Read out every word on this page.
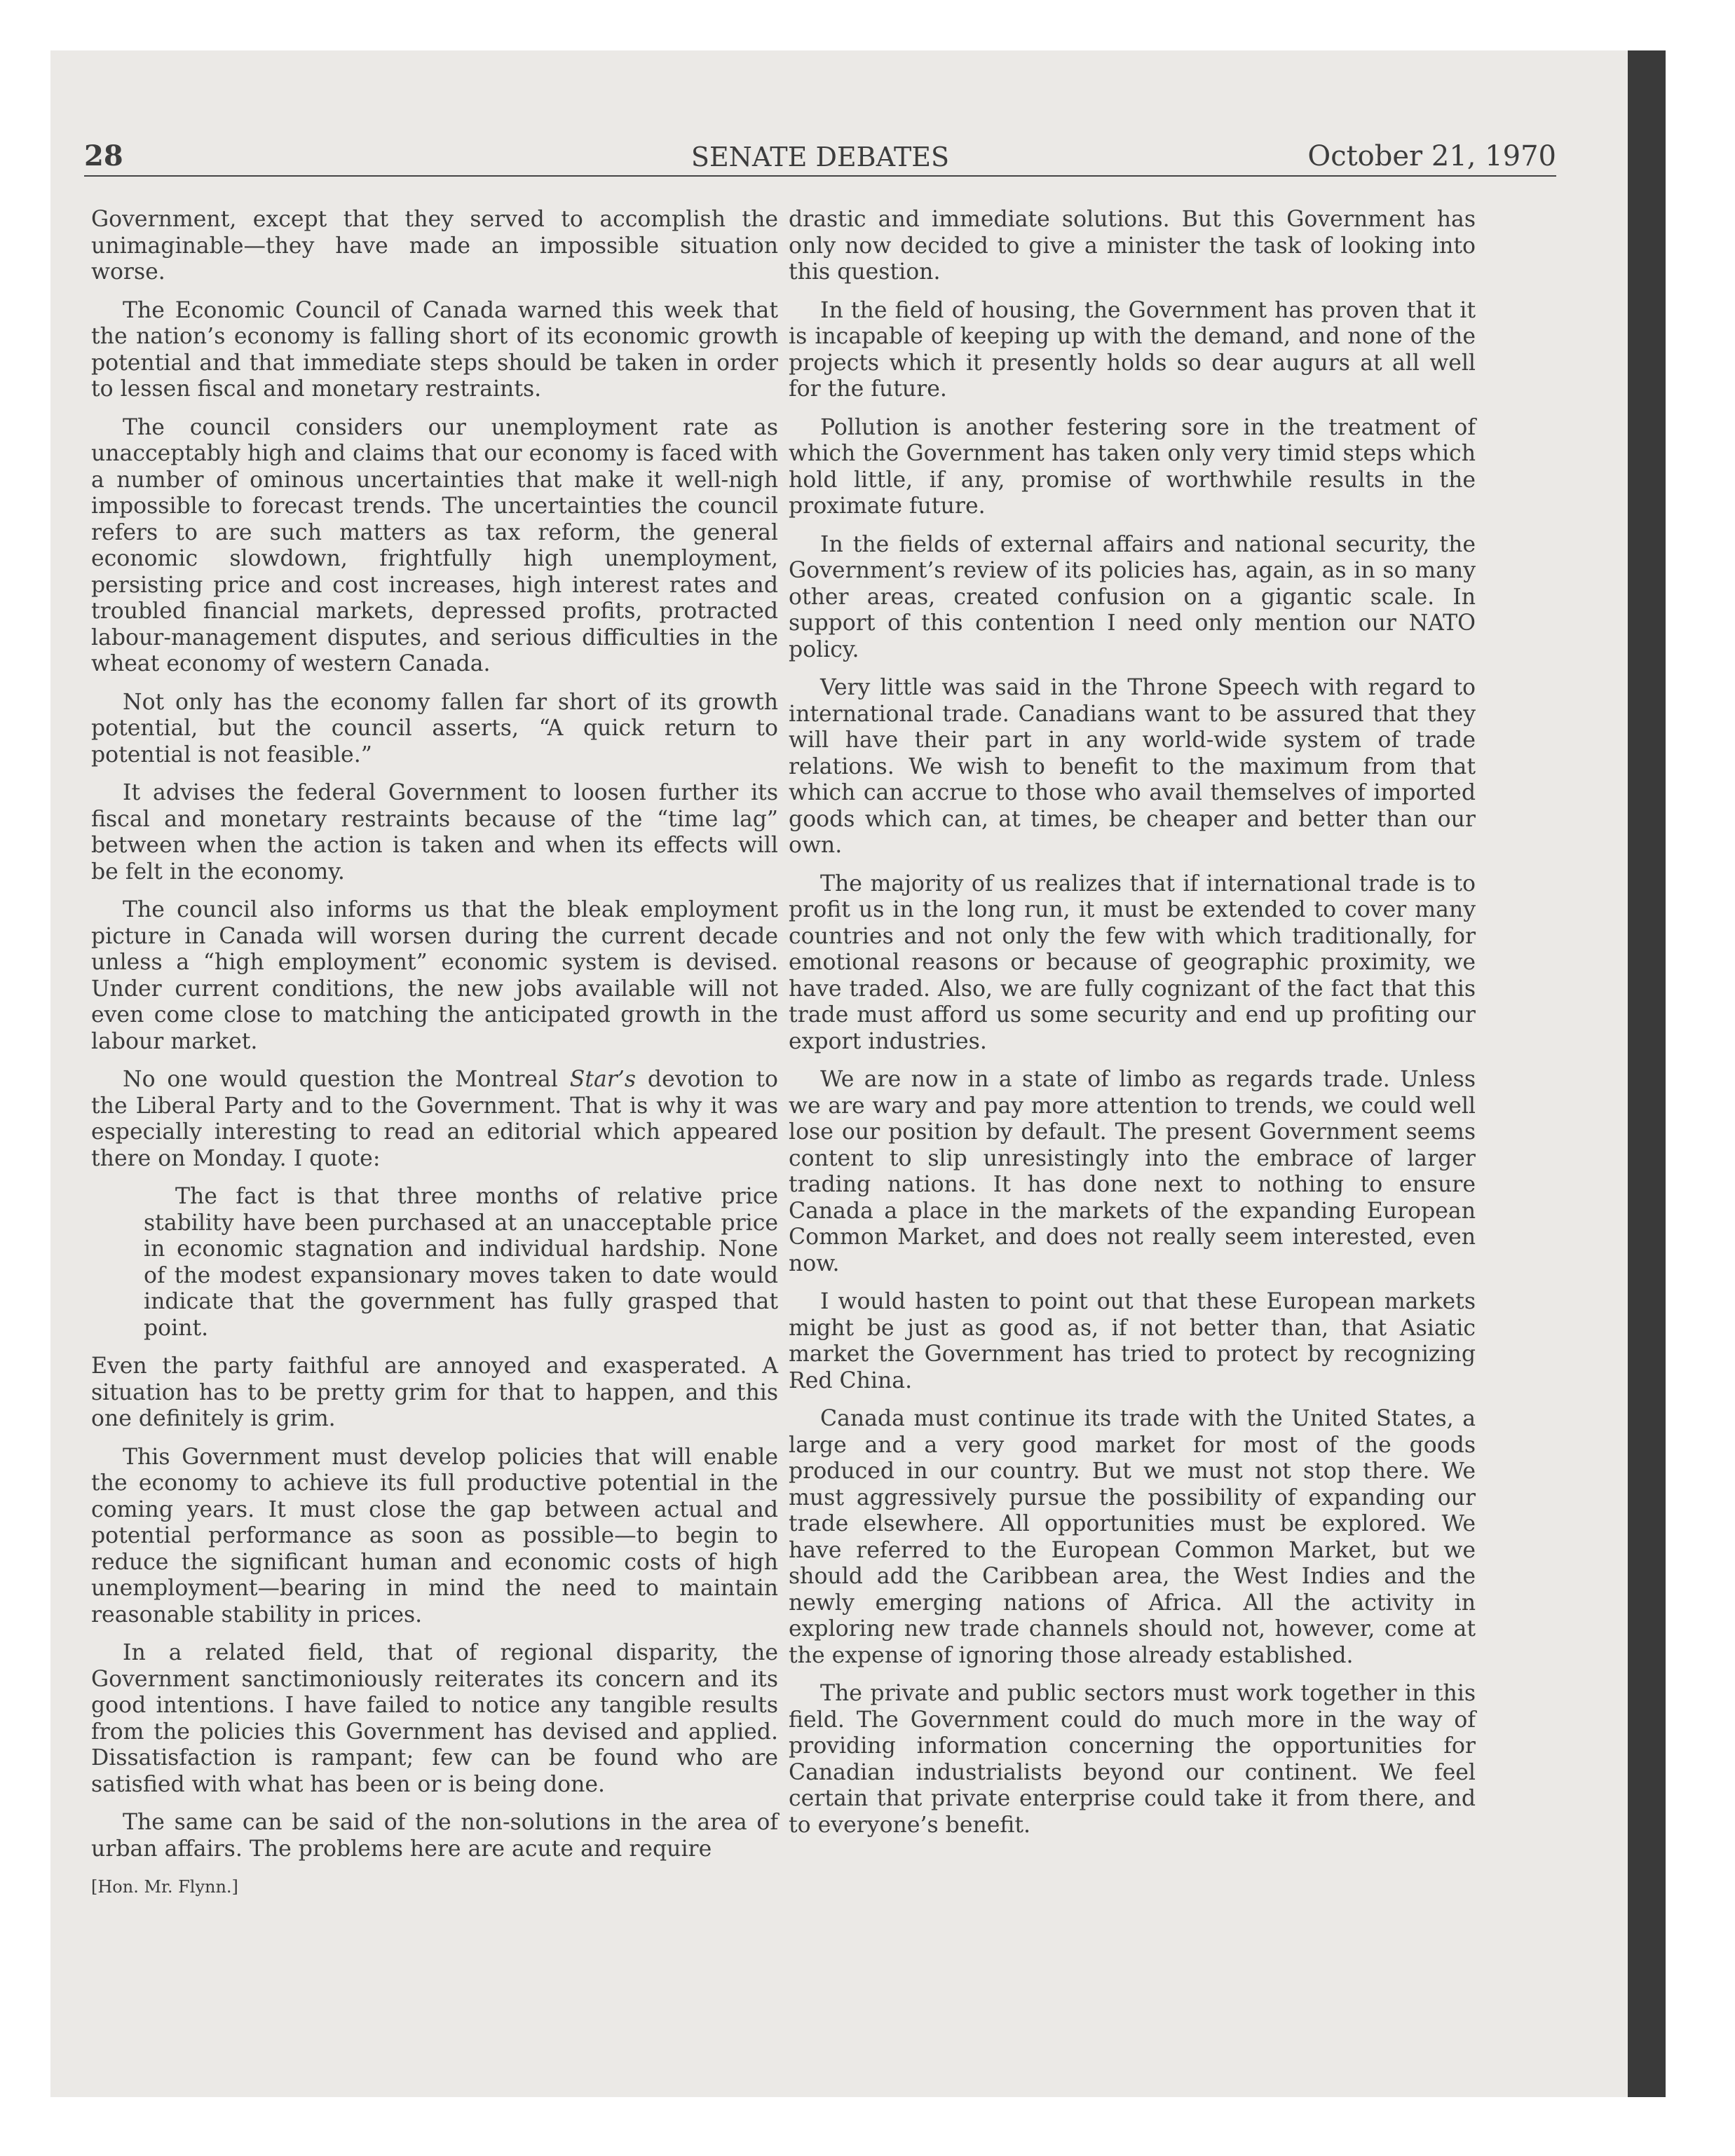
28	SENATE DEBATES	October 21, 1970

Government, except that they served to accomplish the unimaginable—they have made an impossible situation worse.

The Economic Council of Canada warned this week that the nation’s economy is falling short of its economic growth potential and that immediate steps should be taken in order to lessen fiscal and monetary restraints.

The council considers our unemployment rate as unacceptably high and claims that our economy is faced with a number of ominous uncertainties that make it well-nigh impossible to forecast trends. The uncertainties the council refers to are such matters as tax reform, the general economic slowdown, frightfully high unemployment, persisting price and cost increases, high interest rates and troubled financial markets, depressed profits, protracted labour-management disputes, and serious difficulties in the wheat economy of western Canada.

Not only has the economy fallen far short of its growth potential, but the council asserts, “A quick return to potential is not feasible.”

It advises the federal Government to loosen further its fiscal and monetary restraints because of the “time lag” between when the action is taken and when its effects will be felt in the economy.

The council also informs us that the bleak employment picture in Canada will worsen during the current decade unless a “high employment” economic system is devised. Under current conditions, the new jobs available will not even come close to matching the anticipated growth in the labour market.

No one would question the Montreal Star’s devotion to the Liberal Party and to the Government. That is why it was especially interesting to read an editorial which appeared there on Monday. I quote:

The fact is that three months of relative price stability have been purchased at an unacceptable price in economic stagnation and individual hardship. None of the modest expansionary moves taken to date would indicate that the government has fully grasped that point.

Even the party faithful are annoyed and exasperated. A situation has to be pretty grim for that to happen, and this one definitely is grim.

This Government must develop policies that will enable the economy to achieve its full productive potential in the coming years. It must close the gap between actual and potential performance as soon as possible—to begin to reduce the significant human and economic costs of high unemployment—bearing in mind the need to maintain reasonable stability in prices.

In a related field, that of regional disparity, the Government sanctimoniously reiterates its concern and its good intentions. I have failed to notice any tangible results from the policies this Government has devised and applied. Dissatisfaction is rampant; few can be found who are satisfied with what has been or is being done.

The same can be said of the non-solutions in the area of urban affairs. The problems here are acute and require

[Hon. Mr. Flynn.]

drastic and immediate solutions. But this Government has only now decided to give a minister the task of looking into this question.

In the field of housing, the Government has proven that it is incapable of keeping up with the demand, and none of the projects which it presently holds so dear augurs at all well for the future.

Pollution is another festering sore in the treatment of which the Government has taken only very timid steps which hold little, if any, promise of worthwhile results in the proximate future.

In the fields of external affairs and national security, the Government’s review of its policies has, again, as in so many other areas, created confusion on a gigantic scale. In support of this contention I need only mention our NATO policy.

Very little was said in the Throne Speech with regard to international trade. Canadians want to be assured that they will have their part in any world-wide system of trade relations. We wish to benefit to the maximum from that which can accrue to those who avail themselves of imported goods which can, at times, be cheaper and better than our own.

The majority of us realizes that if international trade is to profit us in the long run, it must be extended to cover many countries and not only the few with which traditionally, for emotional reasons or because of geographic proximity, we have traded. Also, we are fully cognizant of the fact that this trade must afford us some security and end up profiting our export industries.

We are now in a state of limbo as regards trade. Unless we are wary and pay more attention to trends, we could well lose our position by default. The present Government seems content to slip unresistingly into the embrace of larger trading nations. It has done next to nothing to ensure Canada a place in the markets of the expanding European Common Market, and does not really seem interested, even now.

I would hasten to point out that these European markets might be just as good as, if not better than, that Asiatic market the Government has tried to protect by recognizing Red China.

Canada must continue its trade with the United States, a large and a very good market for most of the goods produced in our country. But we must not stop there. We must aggressively pursue the possibility of expanding our trade elsewhere. All opportunities must be explored. We have referred to the European Common Market, but we should add the Caribbean area, the West Indies and the newly emerging nations of Africa. All the activity in exploring new trade channels should not, however, come at the expense of ignoring those already established.

The private and public sectors must work together in this field. The Government could do much more in the way of providing information concerning the opportunities for Canadian industrialists beyond our continent. We feel certain that private enterprise could take it from there, and to everyone’s benefit.
